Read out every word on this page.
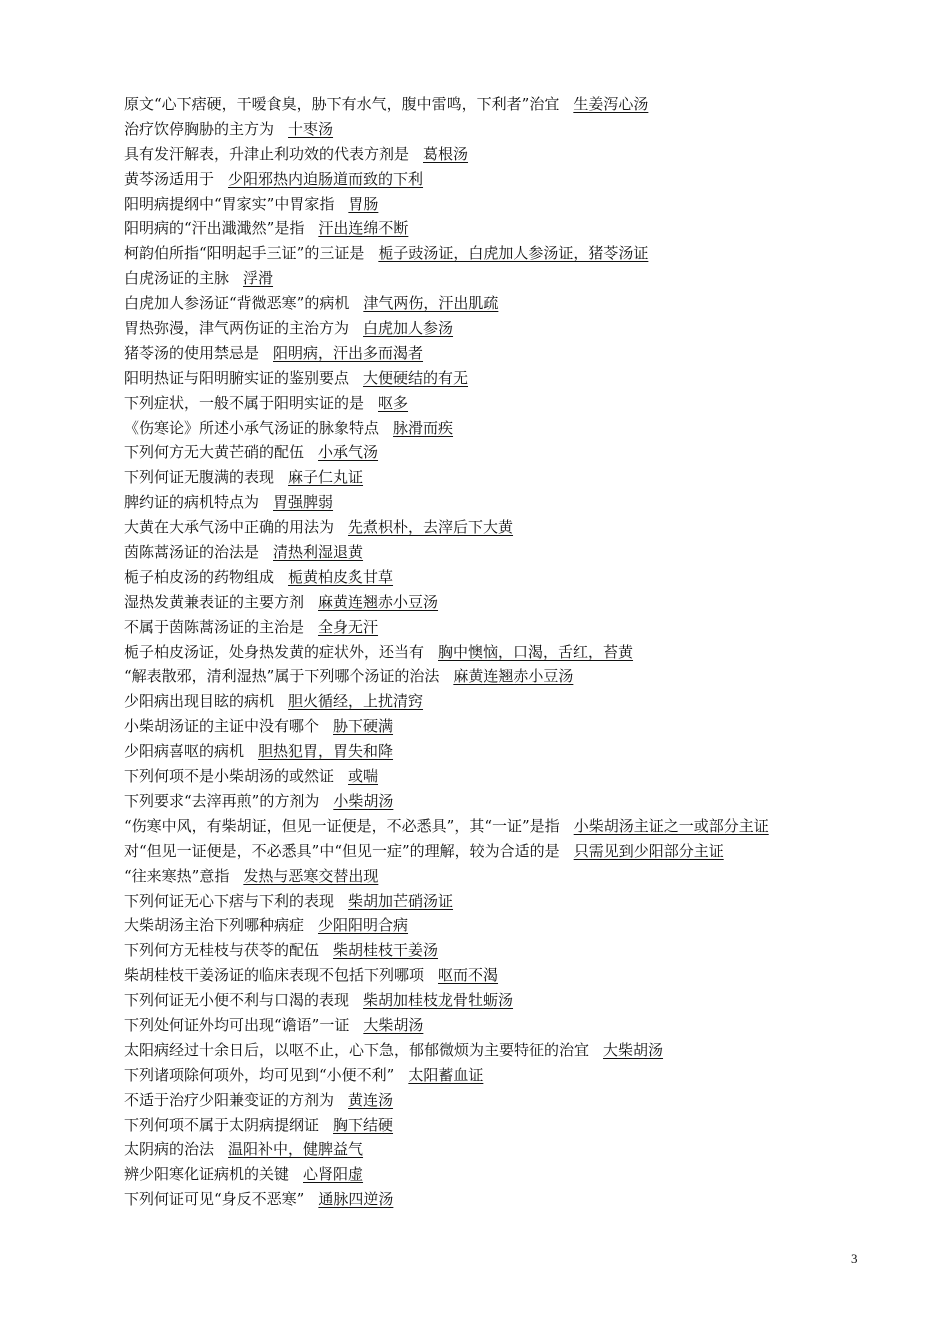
原文“心下痞硬，干嗳食臭，胁下有水气，腹中雷鸣，下利者”治宜 生姜泻心汤
治疗饮停胸胁的主方为 十枣汤
具有发汗解表，升津止利功效的代表方剂是 葛根汤
黄芩汤适用于 少阳邪热内迫肠道而致的下利
阳明病提纲中“胃家实”中胃家指 胃肠
阳明病的“汗出濈濈然”是指 汗出连绵不断
柯韵伯所指“阳明起手三证”的三证是 栀子豉汤证，白虎加人参汤证，猪苓汤证
白虎汤证的主脉 浮滑
白虎加人参汤证“背微恶寒”的病机 津气两伤，汗出肌疏
胃热弥漫，津气两伤证的主治方为 白虎加人参汤
猪苓汤的使用禁忌是 阳明病，汗出多而渴者
阳明热证与阳明腑实证的鉴别要点 大便硬结的有无
下列症状，一般不属于阳明实证的是 呕多
《伤寒论》所述小承气汤证的脉象特点 脉滑而疾
下列何方无大黄芒硝的配伍 小承气汤
下列何证无腹满的表现 麻子仁丸证
脾约证的病机特点为 胃强脾弱
大黄在大承气汤中正确的用法为 先煮枳朴，去滓后下大黄
茵陈蒿汤证的治法是 清热利湿退黄
栀子柏皮汤的药物组成 栀黄柏皮炙甘草
湿热发黄兼表证的主要方剂 麻黄连翘赤小豆汤
不属于茵陈蒿汤证的主治是 全身无汗
栀子柏皮汤证，处身热发黄的症状外，还当有 胸中懊恼，口渴，舌红，苔黄
“解表散邪，清利湿热”属于下列哪个汤证的治法 麻黄连翘赤小豆汤
少阳病出现目眩的病机 胆火循经，上扰清窍
小柴胡汤证的主证中没有哪个 胁下硬满
少阳病喜呕的病机 胆热犯胃，胃失和降
下列何项不是小柴胡汤的或然证 或喘
下列要求“去滓再煎”的方剂为 小柴胡汤
“伤寒中风，有柴胡证，但见一证便是，不必悉具”，其“一证”是指 小柴胡汤主证之一或部分主证
对“但见一证便是，不必悉具”中“但见一症”的理解，较为合适的是 只需见到少阳部分主证
“往来寒热”意指 发热与恶寒交替出现
下列何证无心下痞与下利的表现 柴胡加芒硝汤证
大柴胡汤主治下列哪种病症 少阳阳明合病
下列何方无桂枝与茯苓的配伍 柴胡桂枝干姜汤
柴胡桂枝干姜汤证的临床表现不包括下列哪项 呕而不渴
下列何证无小便不利与口渴的表现 柴胡加桂枝龙骨牡蛎汤
下列处何证外均可出现“谵语”一证 大柴胡汤
太阳病经过十余日后，以呕不止，心下急，郁郁微烦为主要特征的治宜 大柴胡汤
下列诸项除何项外，均可见到“小便不利” 太阳蓄血证
不适于治疗少阳兼变证的方剂为 黄连汤
下列何项不属于太阴病提纲证 胸下结硬
太阴病的治法 温阳补中，健脾益气
辨少阳寒化证病机的关键 心肾阳虚
下列何证可见“身反不恶寒” 通脉四逆汤
3
